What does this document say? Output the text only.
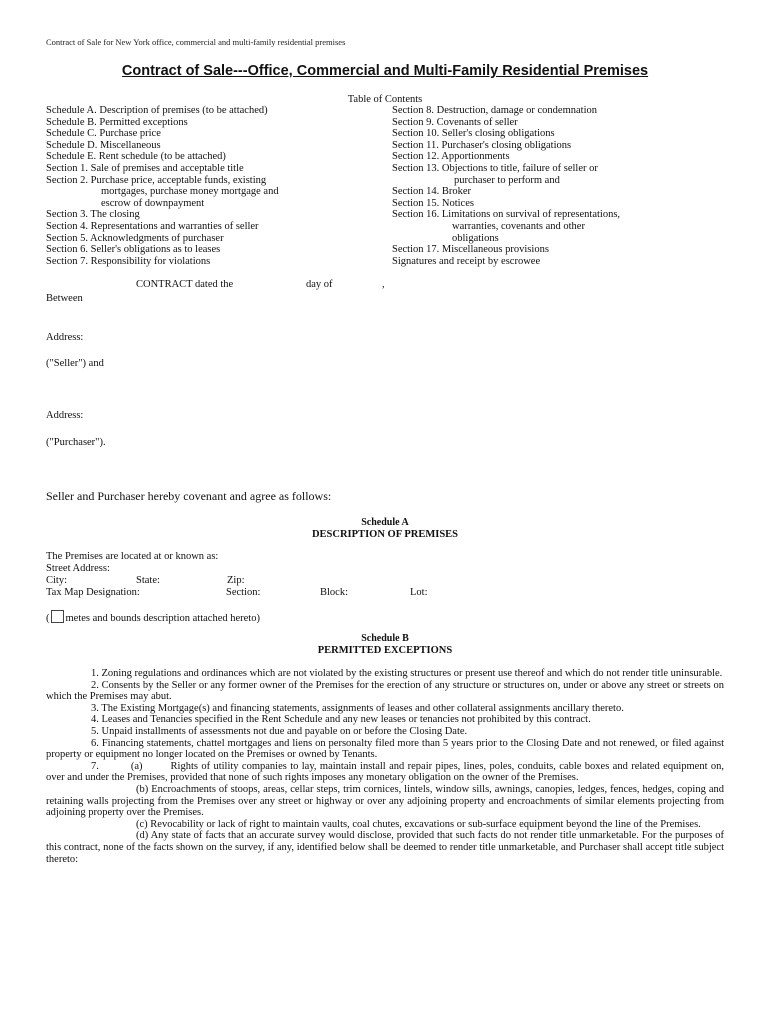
Contract of Sale for New York office, commercial and multi-family residential premises
Contract of Sale---Office, Commercial and Multi-Family Residential Premises
Table of Contents
Schedule A. Description of premises (to be attached)
Schedule B. Permitted exceptions
Schedule C. Purchase price
Schedule D. Miscellaneous
Schedule E. Rent schedule (to be attached)
Section 1. Sale of premises and acceptable title
Section 2. Purchase price, acceptable funds, existing
mortgages, purchase money mortgage and
escrow of downpayment
Section 3. The closing
Section 4. Representations and warranties of seller
Section 5. Acknowledgments of purchaser
Section 6. Seller's obligations as to leases
Section 7. Responsibility for violations
Section 8. Destruction, damage or condemnation
Section 9. Covenants of seller
Section 10. Seller's closing obligations
Section 11. Purchaser's closing obligations
Section 12. Apportionments
Section 13. Objections to title, failure of seller or
purchaser to perform and
Section 14. Broker
Section 15. Notices
Section 16. Limitations on survival of representations,
warranties, covenants and other
obligations
Section 17. Miscellaneous provisions
Signatures and receipt by escrowee
CONTRACT dated the	day of	,
Between
Address:
("Seller") and
Address:
("Purchaser").
Seller and Purchaser hereby covenant and agree as follows:
Schedule A
DESCRIPTION OF PREMISES
The Premises are located at or known as:
Street Address:
City:	State:	Zip:
Tax Map Designation:	Section:	Block:	Lot:
( metes and bounds description attached hereto)
Schedule B
PERMITTED EXCEPTIONS

1. Zoning regulations and ordinances which are not violated by the existing structures or present use thereof and which do not render title uninsurable.

2. Consents by the Seller or any former owner of the Premises for the erection of any structure or structures on, under or above any street or streets on which the Premises may abut.

3. The Existing Mortgage(s) and financing statements, assignments of leases and other collateral assignments ancillary thereto.

4. Leases and Tenancies specified in the Rent Schedule and any new leases or tenancies not prohibited by this contract.

5. Unpaid installments of assessments not due and payable on or before the Closing Date.

6. Financing statements, chattel mortgages and liens on personalty filed more than 5 years prior to the Closing Date and not renewed, or filed against property or equipment no longer located on the Premises or owned by Tenants.

7.	(a)	Rights of utility companies to lay, maintain install and repair pipes, lines, poles, conduits, cable boxes and related equipment on, over and under the Premises, provided that none of such rights imposes any monetary obligation on the owner of the Premises.

(b) Encroachments of stoops, areas, cellar steps, trim cornices, lintels, window sills, awnings, canopies, ledges, fences, hedges, coping and retaining walls projecting from the Premises over any street or highway or over any adjoining property and encroachments of similar elements projecting from adjoining property over the Premises.

(c) Revocability or lack of right to maintain vaults, coal chutes, excavations or sub-surface equipment beyond the line of the Premises.

(d) Any state of facts that an accurate survey would disclose, provided that such facts do not render title unmarketable. For the purposes of this contract, none of the facts shown on the survey, if any, identified below shall be deemed to render title unmarketable, and Purchaser shall accept title subject thereto:
